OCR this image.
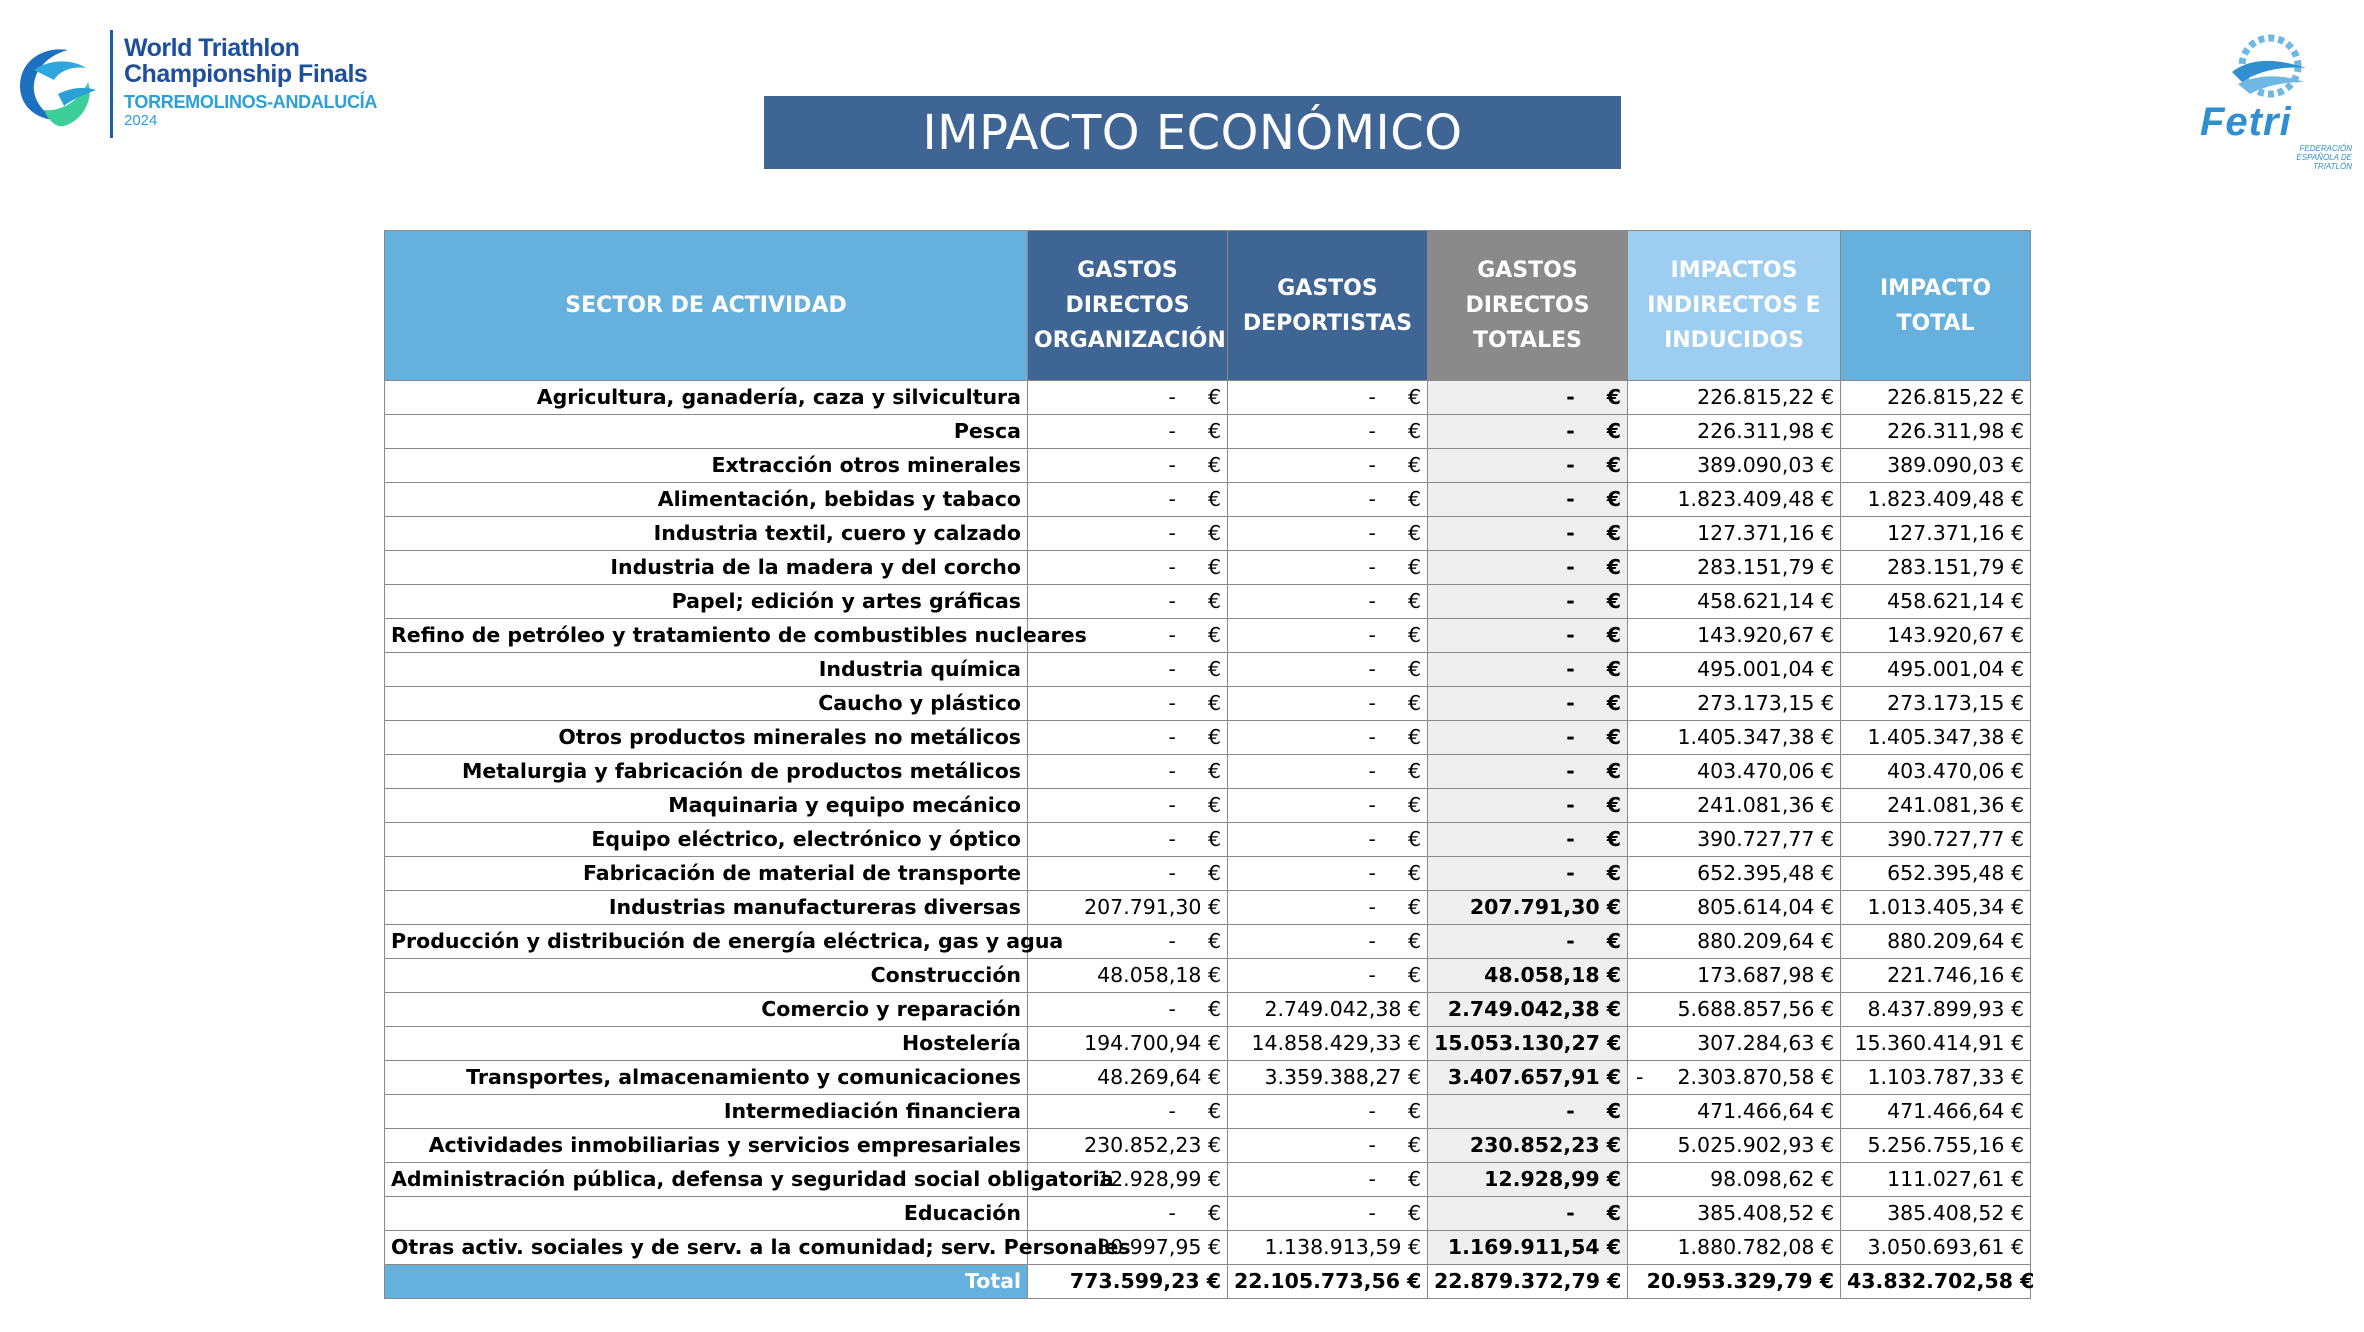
World Triathlon
Championship Finals
TORREMOLINOS-ANDALUCÍA
2024	Fetri
FEDERACIÓN ESPAÑOLA DE TRIATLÓN
IMPACTO ECONÓMICO
SECTOR DE ACTIVIDAD	GASTOS DIRECTOS ORGANIZACIÓN	GASTOS DEPORTISTAS	GASTOS DIRECTOS TOTALES	IMPACTOS INDIRECTOS E INDUCIDOS	IMPACTO TOTAL
Agricultura, ganadería, caza y silvicultura	- €	- €	- €	226.815,22 €	226.815,22 €
Pesca	- €	- €	- €	226.311,98 €	226.311,98 €
Extracción otros minerales	- €	- €	- €	389.090,03 €	389.090,03 €
Alimentación, bebidas y tabaco	- €	- €	- €	1.823.409,48 €	1.823.409,48 €
Industria textil, cuero y calzado	- €	- €	- €	127.371,16 €	127.371,16 €
Industria de la madera y del corcho	- €	- €	- €	283.151,79 €	283.151,79 €
Papel; edición y artes gráficas	- €	- €	- €	458.621,14 €	458.621,14 €
Refino de petróleo y tratamiento de combustibles nucleares	- €	- €	- €	143.920,67 €	143.920,67 €
Industria química	- €	- €	- €	495.001,04 €	495.001,04 €
Caucho y plástico	- €	- €	- €	273.173,15 €	273.173,15 €
Otros productos minerales no metálicos	- €	- €	- €	1.405.347,38 €	1.405.347,38 €
Metalurgia y fabricación de productos metálicos	- €	- €	- €	403.470,06 €	403.470,06 €
Maquinaria y equipo mecánico	- €	- €	- €	241.081,36 €	241.081,36 €
Equipo eléctrico, electrónico y óptico	- €	- €	- €	390.727,77 €	390.727,77 €
Fabricación de material de transporte	- €	- €	- €	652.395,48 €	652.395,48 €
Industrias manufactureras diversas	207.791,30 €	- €	207.791,30 €	805.614,04 €	1.013.405,34 €
Producción y distribución de energía eléctrica, gas y agua	- €	- €	- €	880.209,64 €	880.209,64 €
Construcción	48.058,18 €	- €	48.058,18 €	173.687,98 €	221.746,16 €
Comercio y reparación	- €	2.749.042,38 €	2.749.042,38 €	5.688.857,56 €	8.437.899,93 €
Hostelería	194.700,94 €	14.858.429,33 €	15.053.130,27 €	307.284,63 €	15.360.414,91 €
Transportes, almacenamiento y comunicaciones	48.269,64 €	3.359.388,27 €	3.407.657,91 €	- 2.303.870,58 €	1.103.787,33 €
Intermediación financiera	- €	- €	- €	471.466,64 €	471.466,64 €
Actividades inmobiliarias y servicios empresariales	230.852,23 €	- €	230.852,23 €	5.025.902,93 €	5.256.755,16 €
Administración pública, defensa y seguridad social obligatoria	12.928,99 €	- €	12.928,99 €	98.098,62 €	111.027,61 €
Educación	- €	- €	- €	385.408,52 €	385.408,52 €
Otras activ. sociales y de serv. a la comunidad; serv. Personales	30.997,95 €	1.138.913,59 €	1.169.911,54 €	1.880.782,08 €	3.050.693,61 €
Total	773.599,23 €	22.105.773,56 €	22.879.372,79 €	20.953.329,79 €	43.832.702,58 €
